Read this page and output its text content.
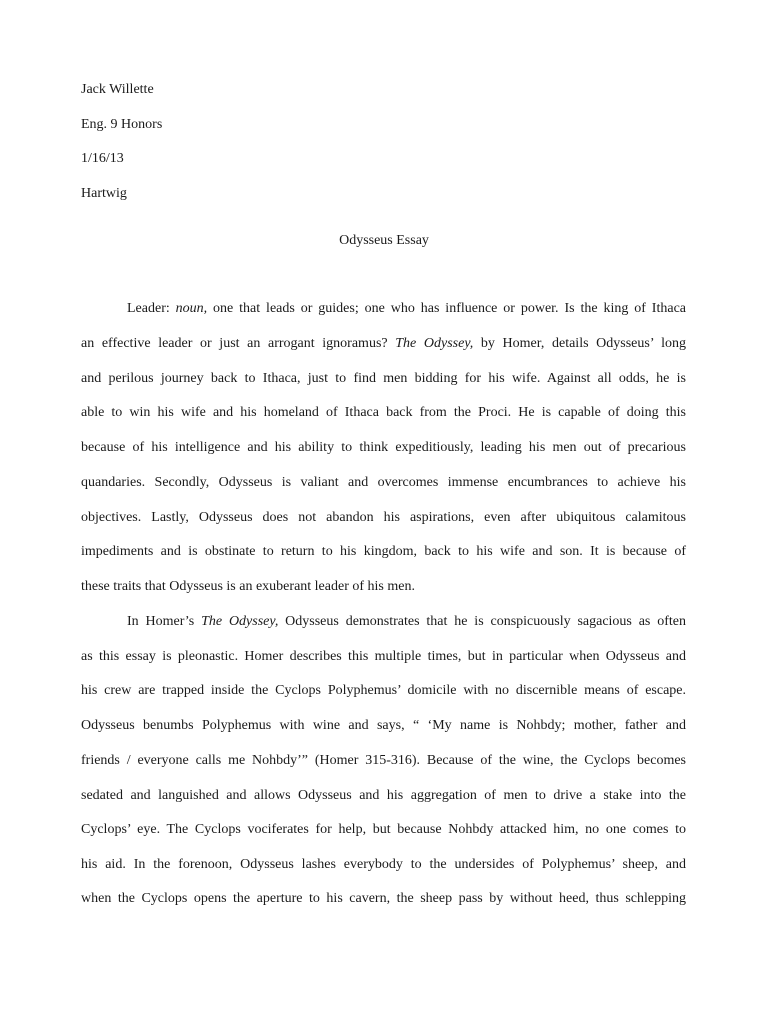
Jack Willette
Eng. 9 Honors
1/16/13
Hartwig
Odysseus Essay
Leader: noun, one that leads or guides; one who has influence or power. Is the king of Ithaca
an effective leader or just an arrogant ignoramus? The Odyssey, by Homer, details Odysseus’ long
and perilous journey back to Ithaca, just to find men bidding for his wife. Against all odds, he is
able to win his wife and his homeland of Ithaca back from the Proci. He is capable of doing this
because of his intelligence and his ability to think expeditiously, leading his men out of precarious
quandaries. Secondly, Odysseus is valiant and overcomes immense encumbrances to achieve his
objectives. Lastly, Odysseus does not abandon his aspirations, even after ubiquitous calamitous
impediments and is obstinate to return to his kingdom, back to his wife and son. It is because of
these traits that Odysseus is an exuberant leader of his men.
In Homer’s The Odyssey, Odysseus demonstrates that he is conspicuously sagacious as often
as this essay is pleonastic. Homer describes this multiple times, but in particular when Odysseus and
his crew are trapped inside the Cyclops Polyphemus’ domicile with no discernible means of escape.
Odysseus benumbs Polyphemus with wine and says, “ ‘My name is Nohbdy; mother, father and
friends / everyone calls me Nohbdy’” (Homer 315-316). Because of the wine, the Cyclops becomes
sedated and languished and allows Odysseus and his aggregation of men to drive a stake into the
Cyclops’ eye. The Cyclops vociferates for help, but because Nohbdy attacked him, no one comes to
his aid. In the forenoon, Odysseus lashes everybody to the undersides of Polyphemus’ sheep, and
when the Cyclops opens the aperture to his cavern, the sheep pass by without heed, thus schlepping
